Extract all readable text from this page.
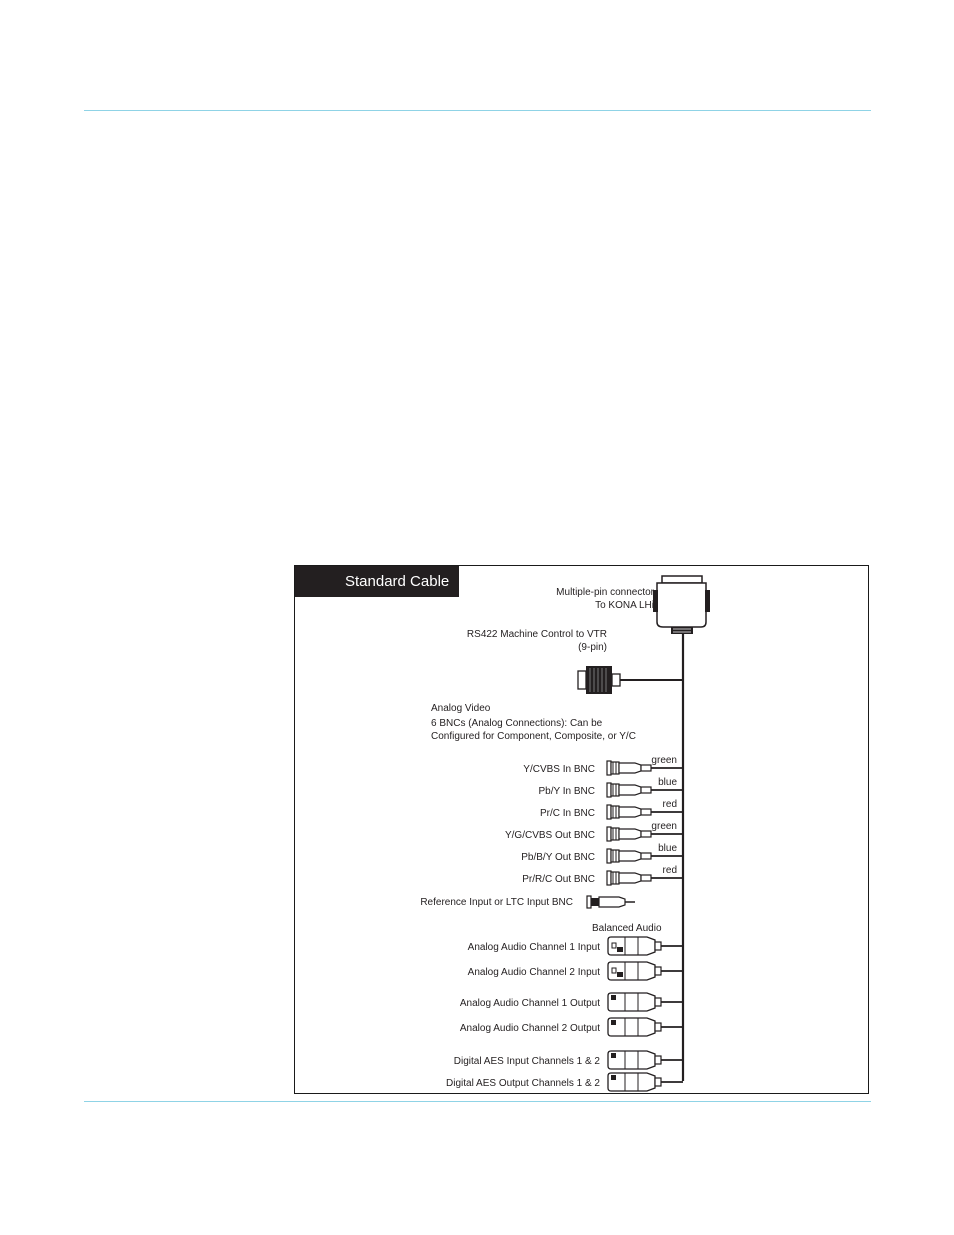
Standard Cable
Multiple-pin connector
To KONA LHi
RS422 Machine Control to VTR
(9-pin)
Analog Video
6 BNCs (Analog Connections): Can be
Configured for Component, Composite, or Y/C
Y/CVBS In BNC
green
Pb/Y In BNC
blue
Pr/C In BNC
red
Y/G/CVBS Out BNC
green
Pb/B/Y Out BNC
blue
Pr/R/C Out BNC
red
Reference Input or LTC Input BNC
Balanced Audio
Analog Audio Channel 1 Input
Analog Audio Channel 2 Input
Analog Audio Channel 1 Output
Analog Audio Channel 2 Output
Digital AES Input Channels 1 & 2
Digital AES Output Channels 1 & 2
